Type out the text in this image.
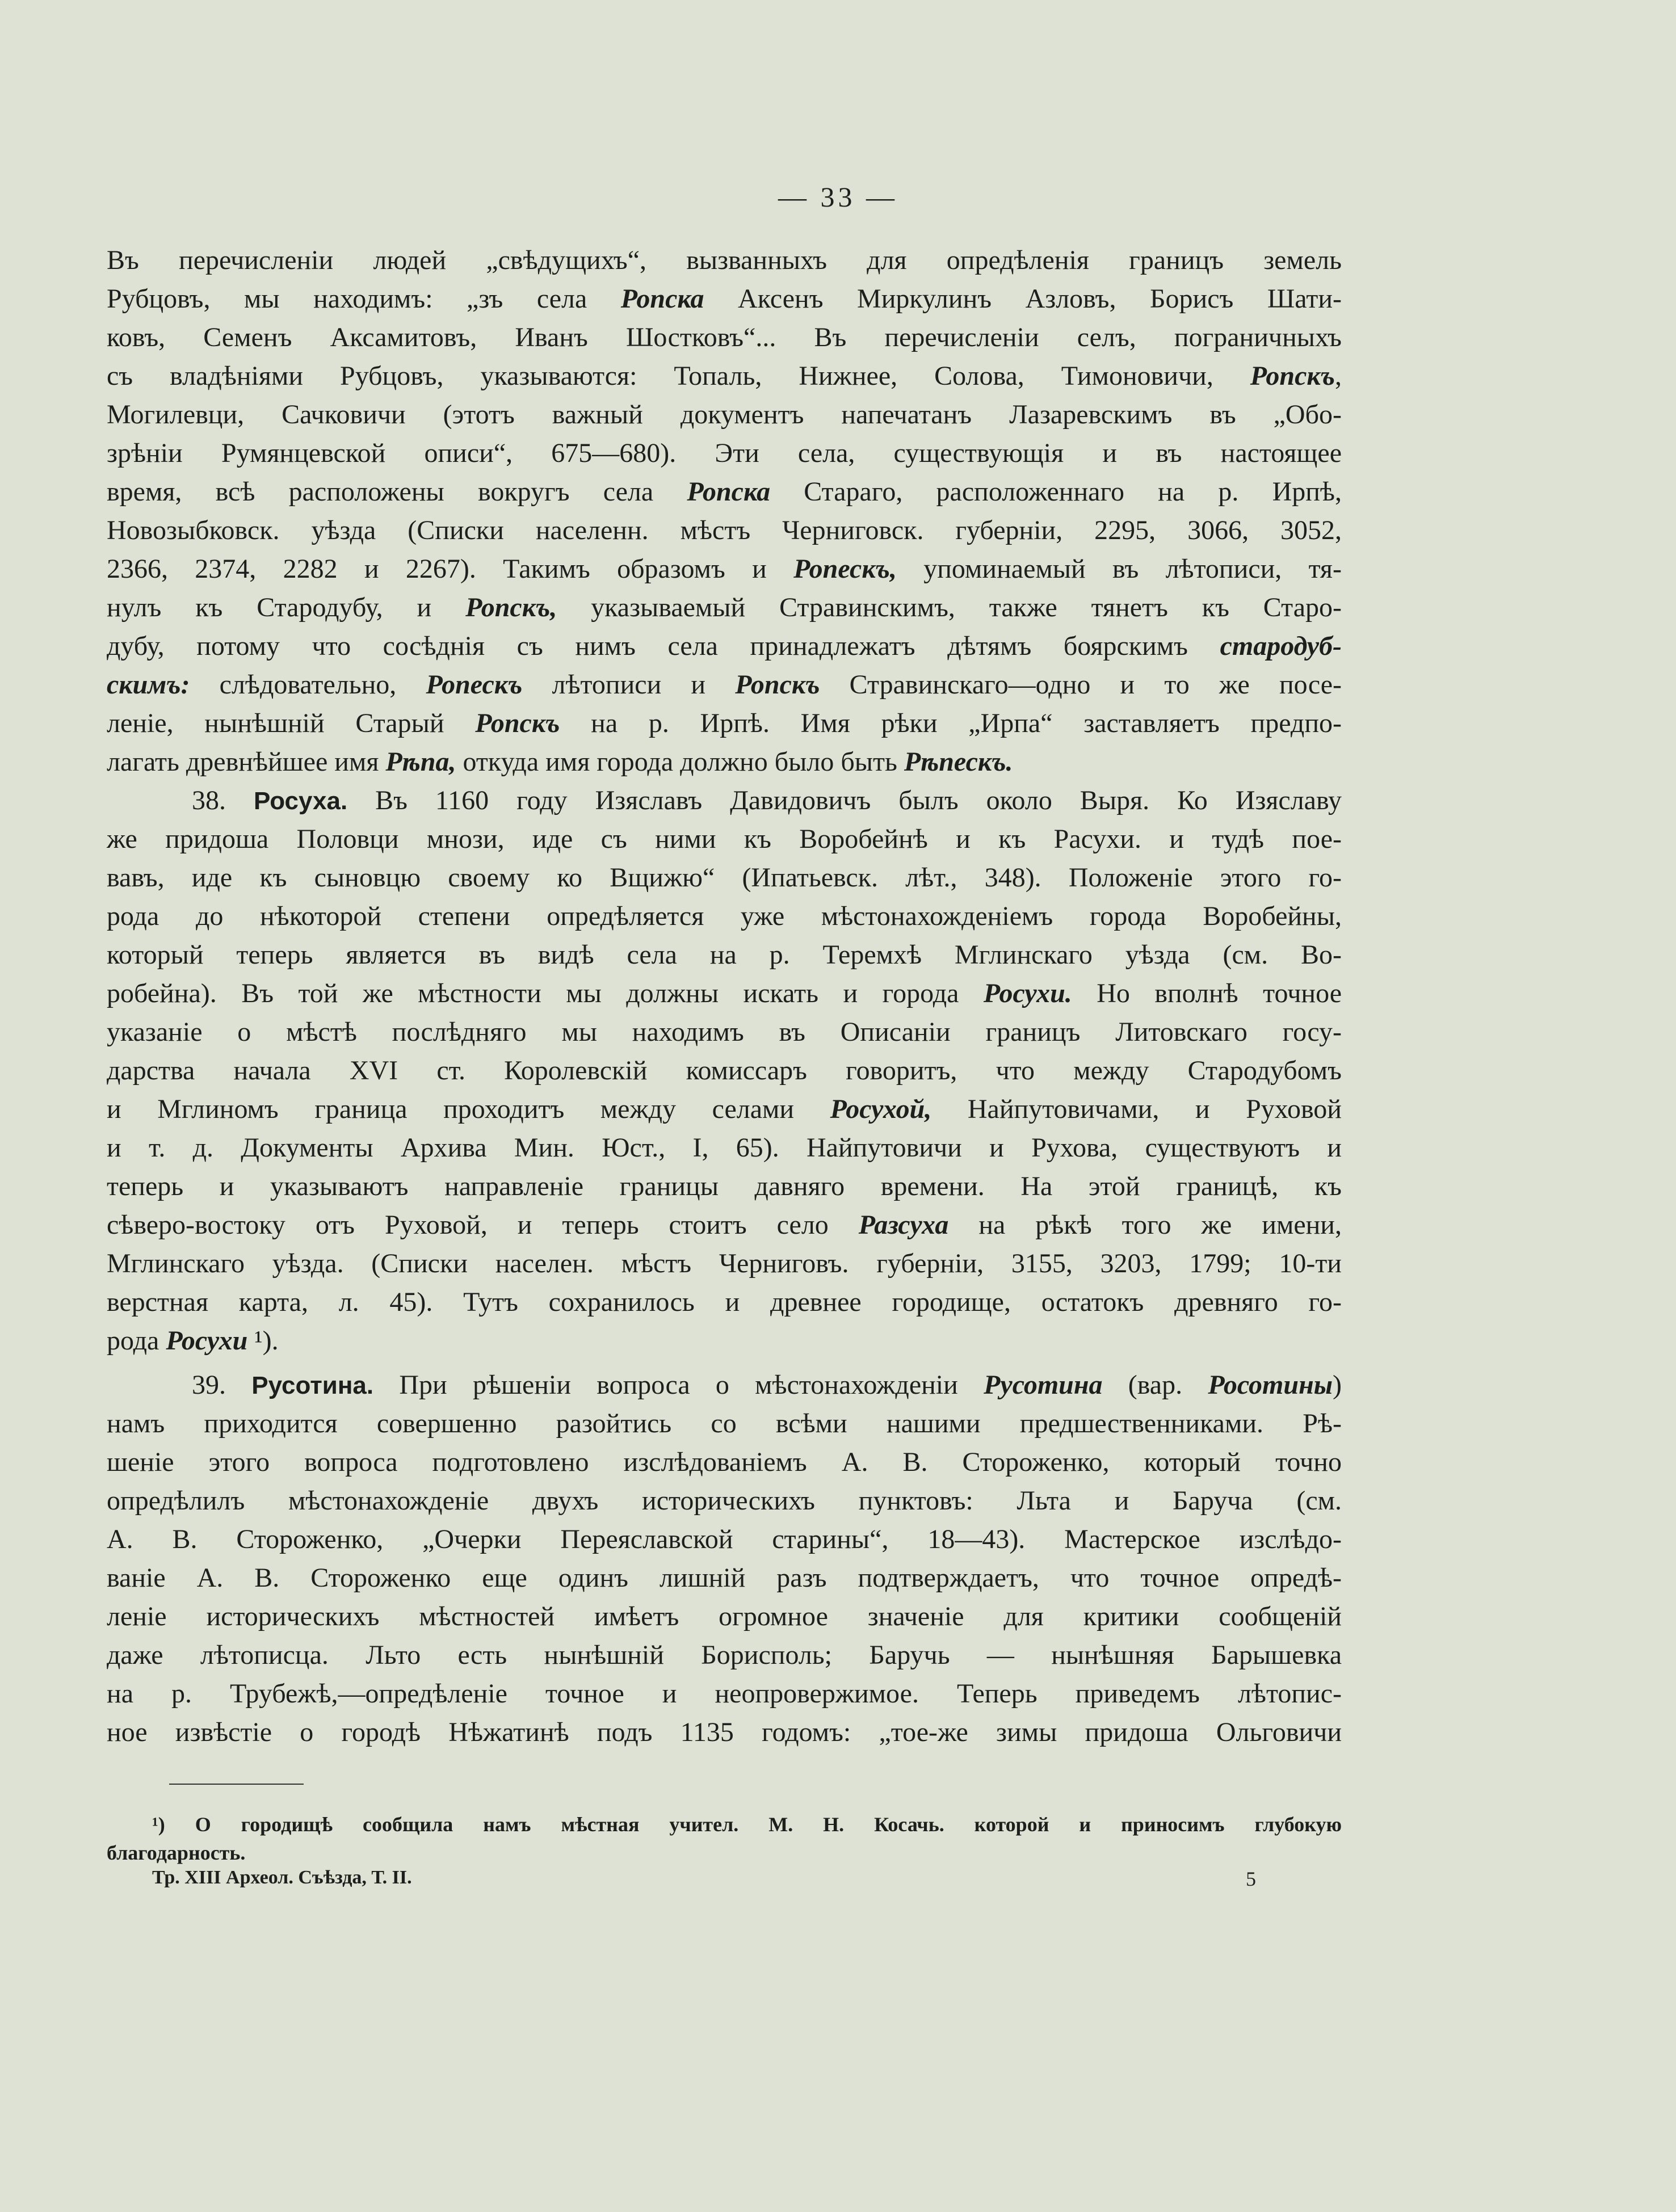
— 33 —
Въ перечисленіи людей „свѣдущихъ“, вызванныхъ для опредѣленія границъ земель
Рубцовъ, мы находимъ: „зъ села Ропска Аксенъ Миркулинъ Азловъ, Борисъ Шати-
ковъ, Семенъ Аксамитовъ, Иванъ Шостковъ“... Въ перечисленіи селъ, пограничныхъ
съ владѣніями Рубцовъ, указываются: Топаль, Нижнее, Солова, Тимоновичи, Ропскъ,
Могилевци, Сачковичи (этотъ важный документъ напечатанъ Лазаревскимъ въ „Обо-
зрѣніи Румянцевской описи“, 675—680). Эти села, существующія и въ настоящее
время, всѣ расположены вокругъ села Ропска Стараго, расположеннаго на р. Ирпѣ,
Новозыбковск. уѣзда (Списки населенн. мѣстъ Черниговск. губерніи, 2295, 3066, 3052,
2366, 2374, 2282 и 2267). Такимъ образомъ и Ропескъ, упоминаемый въ лѣтописи, тя-
нулъ къ Стародубу, и Ропскъ, указываемый Стравинскимъ, также тянетъ къ Старо-
дубу, потому что сосѣднія съ нимъ села принадлежатъ дѣтямъ боярскимъ стародуб-
скимъ: слѣдовательно, Ропескъ лѣтописи и Ропскъ Стравинскаго—одно и то же посе-
леніе, нынѣшній Старый Ропскъ на р. Ирпѣ. Имя рѣки „Ирпа“ заставляетъ предпо-
лагать древнѣйшее имя Рѣпа, откуда имя города должно было быть Рѣпескъ.
38. Росуха. Въ 1160 году Изяславъ Давидовичъ былъ около Выря. Ко Изяславу
же придоша Половци мнози, иде съ ними къ Воробейнѣ и къ Расухи. и тудѣ пое-
вавъ, иде къ сыновцю своему ко Вщижю“ (Ипатьевск. лѣт., 348). Положеніе этого го-
рода до нѣкоторой степени опредѣляется уже мѣстонахожденіемъ города Воробейны,
который теперь является въ видѣ села на р. Теремхѣ Мглинскаго уѣзда (см. Во-
робейна). Въ той же мѣстности мы должны искать и города Росухи. Но вполнѣ точное
указаніе о мѣстѣ послѣдняго мы находимъ въ Описаніи границъ Литовскаго госу-
дарства начала XVI ст. Королевскій комиссаръ говоритъ, что между Стародубомъ
и Мглиномъ граница проходитъ между селами Росухой, Найпутовичами, и Руховой
и т. д. Документы Архива Мин. Юст., I, 65). Найпутовичи и Рухова, существуютъ и
теперь и указываютъ направленіе границы давняго времени. На этой границѣ, къ
сѣверо-востоку отъ Руховой, и теперь стоитъ село Разсуха на рѣкѣ того же имени,
Мглинскаго уѣзда. (Списки населен. мѣстъ Черниговъ. губерніи, 3155, 3203, 1799; 10-ти
верстная карта, л. 45). Тутъ сохранилось и древнее городище, остатокъ древняго го-
рода Росухи ¹).
39. Русотина. При рѣшеніи вопроса о мѣстонахожденіи Русотина (вар. Росотины)
намъ приходится совершенно разойтись со всѣми нашими предшественниками. Рѣ-
шеніе этого вопроса подготовлено изслѣдованіемъ А. В. Стороженко, который точно
опредѣлилъ мѣстонахожденіе двухъ историческихъ пунктовъ: Льта и Баруча (см.
А. В. Стороженко, „Очерки Переяславской старины“, 18—43). Мастерское изслѣдо-
ваніе А. В. Стороженко еще одинъ лишній разъ подтверждаетъ, что точное опредѣ-
леніе историческихъ мѣстностей имѣетъ огромное значеніе для критики сообщеній
даже лѣтописца. Льто есть нынѣшній Борисполь; Баручь — нынѣшняя Барышевка
на р. Трубежѣ,—опредѣленіе точное и неопровержимое. Теперь приведемъ лѣтопис-
ное извѣстіе о городѣ Нѣжатинѣ подъ 1135 годомъ: „тое-же зимы придоша Ольговичи
¹) О городищѣ сообщила намъ мѣстная учител. М. Н. Косачь. которой и приносимъ глубокую
благодарность.
Тр. XIII Археол. Съѣзда, Т. II.	5
